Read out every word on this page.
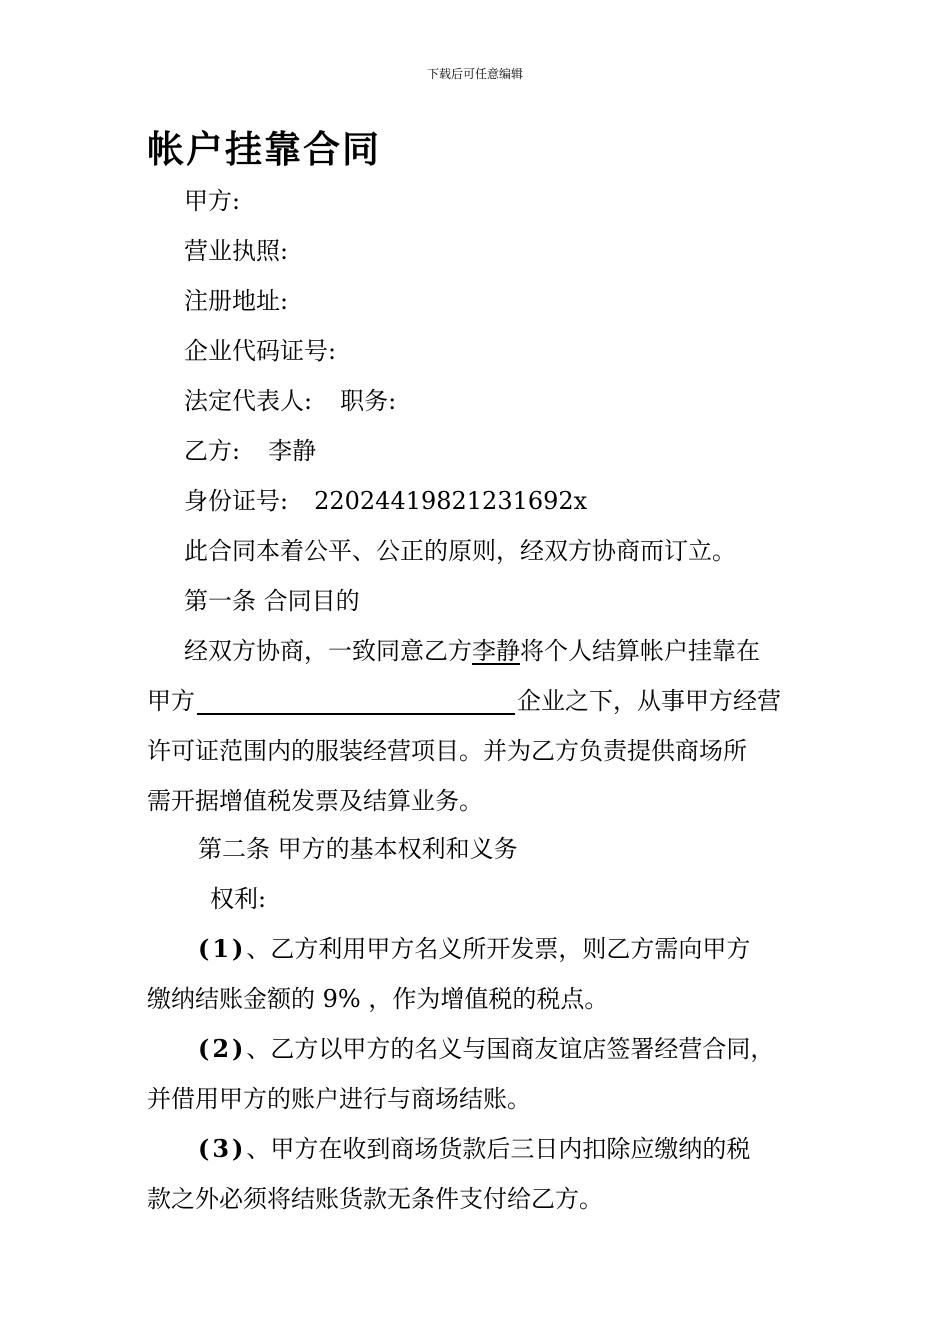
下载后可任意编辑
帐户挂靠合同
甲方:
营业执照:
注册地址:
企业代码证号:
法定代表人: 职务:
乙方: 李静
身份证号: 22024419821231692x
此合同本着公平、公正的原则，经双方协商而订立。
第一条 合同目的
经双方协商，一致同意乙方李静将个人结算帐户挂靠在
甲方	企业之下，从事甲方经营
许可证范围内的服装经营项目。并为乙方负责提供商场所
需开据增值税发票及结算业务。
第二条 甲方的基本权利和义务
权利:
(1)、乙方利用甲方名义所开发票，则乙方需向甲方
缴纳结账金额的 9% ，作为增值税的税点。
(2)、乙方以甲方的名义与国商友谊店签署经营合同，
并借用甲方的账户进行与商场结账。
(3)、甲方在收到商场货款后三日内扣除应缴纳的税
款之外必须将结账货款无条件支付给乙方。
